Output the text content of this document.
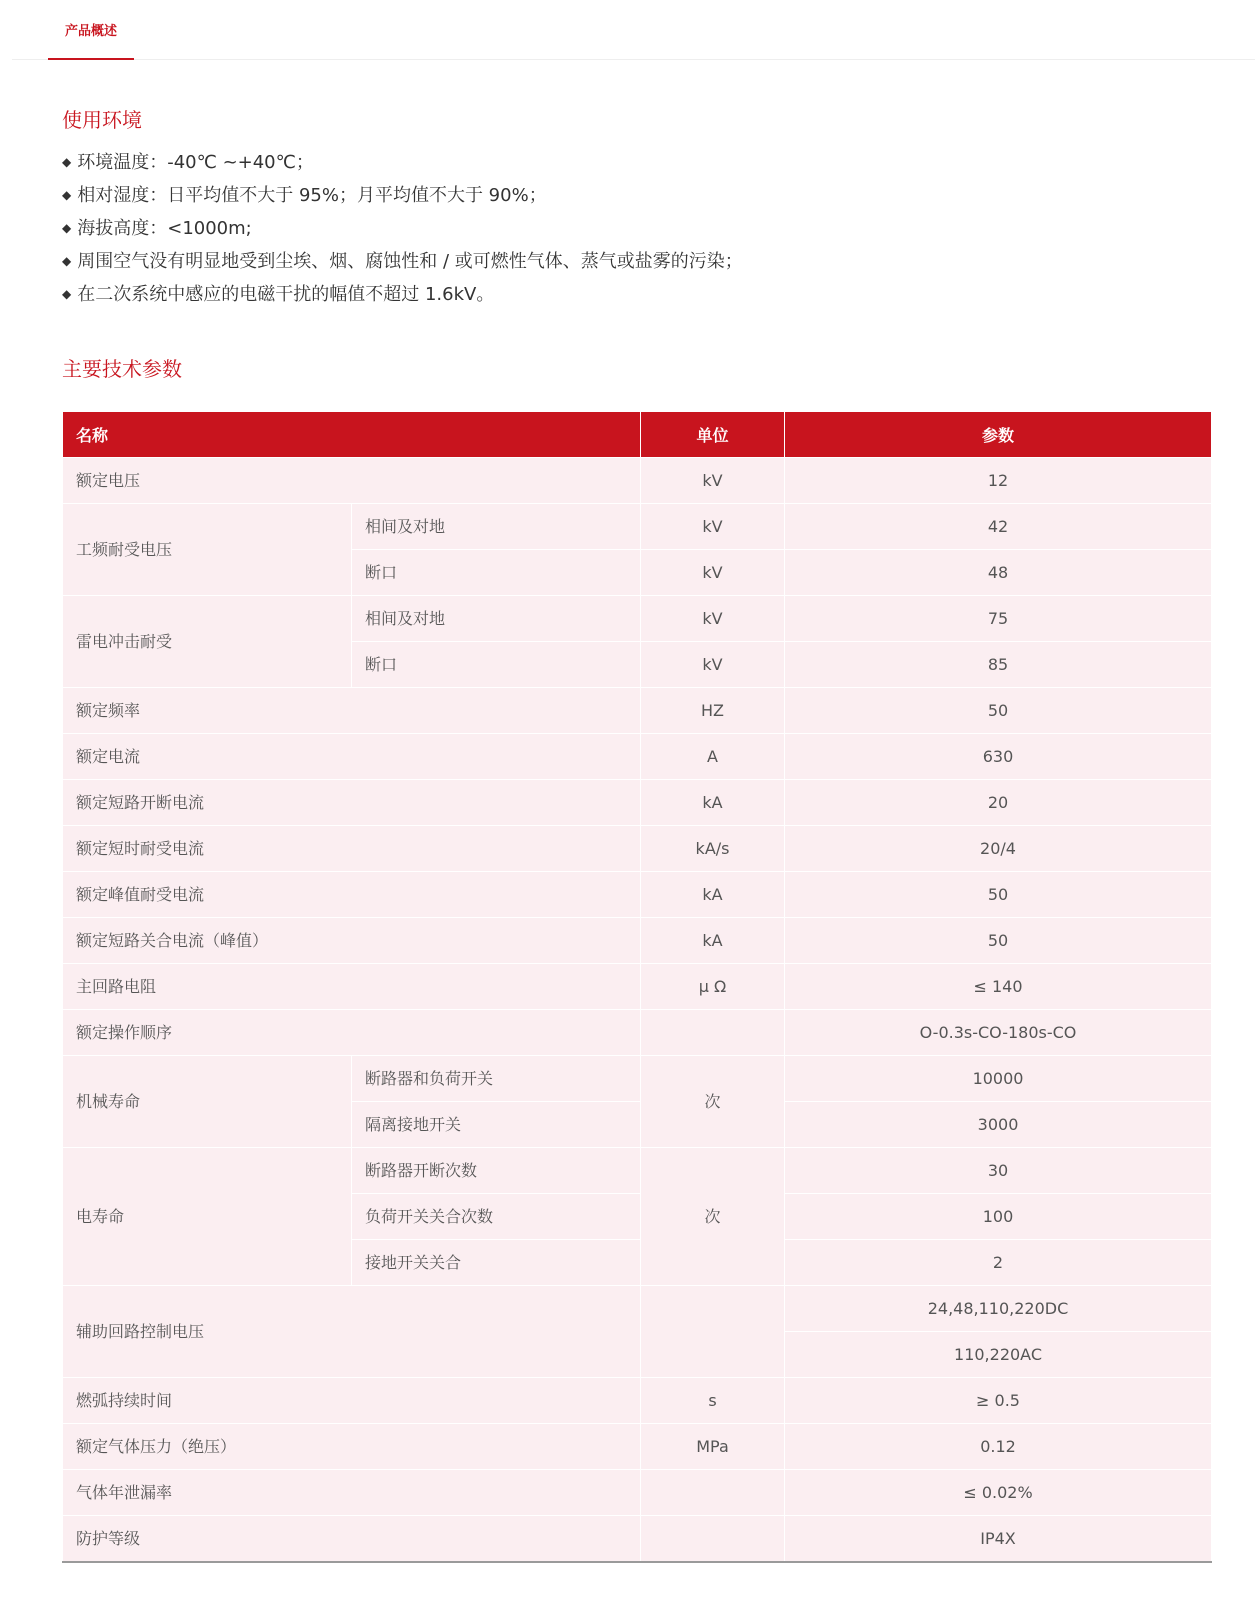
产品概述
使用环境
◆ 环境温度：-40℃ ~+40℃；
◆ 相对湿度：日平均值不大于 95%；月平均值不大于 90%；
◆ 海拔高度：<1000m;
◆ 周围空气没有明显地受到尘埃、烟、腐蚀性和 / 或可燃性气体、蒸气或盐雾的污染；
◆ 在二次系统中感应的电磁干扰的幅值不超过 1.6kV。
主要技术参数
名称		单位	参数
额定电压		kV	12
工频耐受电压	相间及对地	kV	42
	断口	kV	48
雷电冲击耐受	相间及对地	kV	75
	断口	kV	85
额定频率		HZ	50
额定电流		A	630
额定短路开断电流		kA	20
额定短时耐受电流		kA/s	20/4
额定峰值耐受电流		kA	50
额定短路关合电流（峰值）		kA	50
主回路电阻		μ Ω	≤ 140
额定操作顺序			O-0.3s-CO-180s-CO
机械寿命	断路器和负荷开关	次	10000
	隔离接地开关		3000
电寿命	断路器开断次数	次	30
	负荷开关关合次数		100
	接地开关关合		2
辅助回路控制电压			24,48,110,220DC
			110,220AC
燃弧持续时间		s	≥ 0.5
额定气体压力（绝压）		MPa	0.12
气体年泄漏率			≤ 0.02%
防护等级			IP4X
